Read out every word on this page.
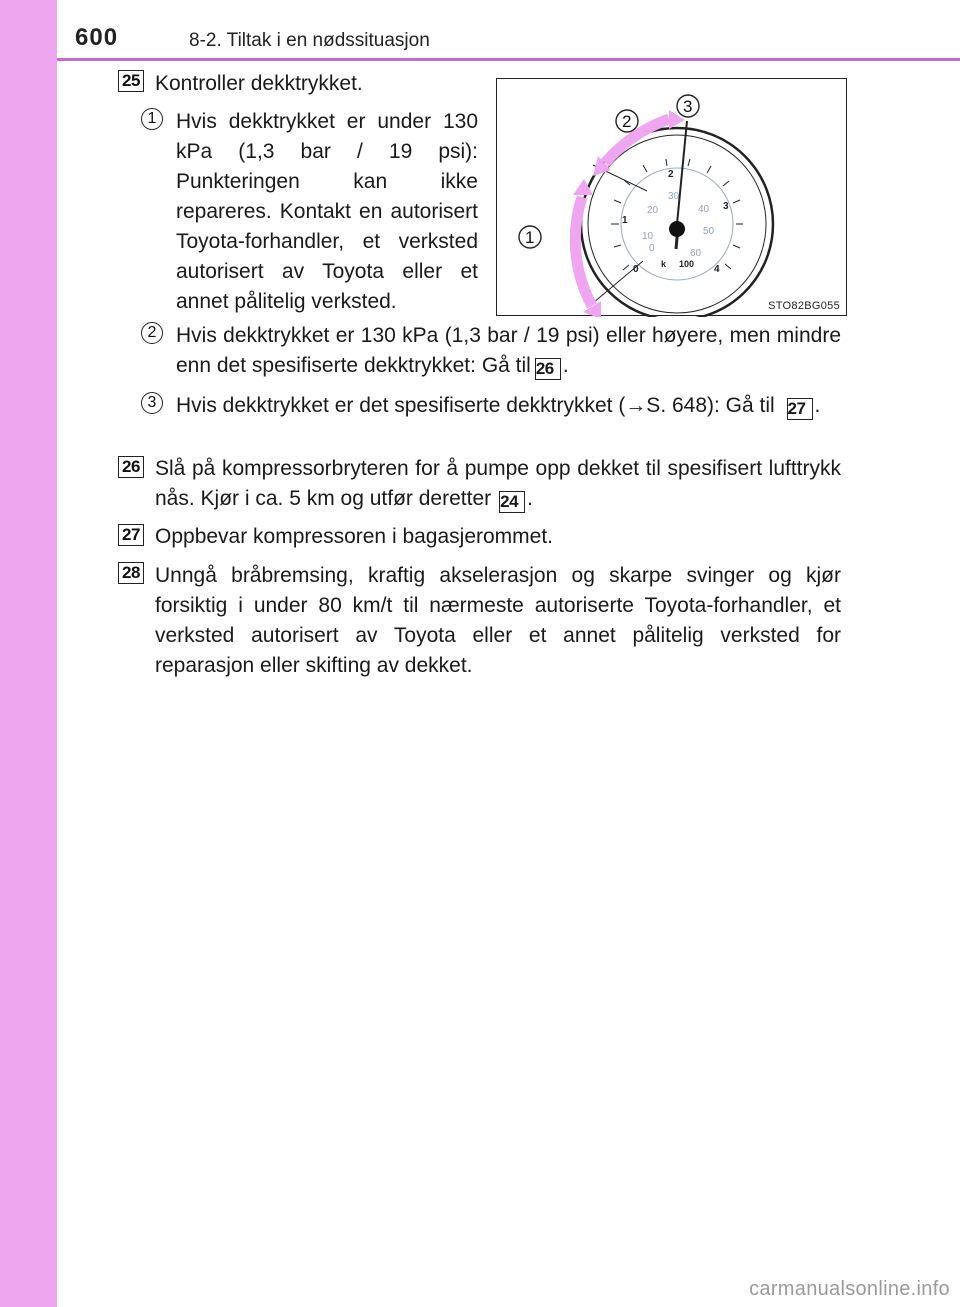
600	8-2. Tiltak i en nødssituasjon
25 Kontroller dekktrykket.
1 Hvis dekktrykket er under 130 kPa (1,3 bar / 19 psi): Punkteringen kan ikke repareres. Kontakt en autorisert Toyota-forhandler, et verksted autorisert av Toyota eller et annet pålitelig verksted.
0
1
2
3
4
0
10
20
30
40
50
60
k 100
1
2
3
STO82BG055
2 Hvis dekktrykket er 130 kPa (1,3 bar / 19 psi) eller høyere, men mindre enn det spesifiserte dekktrykket: Gå til 26 .
3 Hvis dekktrykket er det spesifiserte dekktrykket (→S. 648): Gå til 27 .
26 Slå på kompressorbryteren for å pumpe opp dekket til spesifisert lufttrykk nås. Kjør i ca. 5 km og utfør deretter 24 .
27 Oppbevar kompressoren i bagasjerommet.
28 Unngå bråbremsing, kraftig akselerasjon og skarpe svinger og kjør forsiktig i under 80 km/t til nærmeste autoriserte Toyota-forhandler, et verksted autorisert av Toyota eller et annet pålitelig verksted for reparasjon eller skifting av dekket.
carmanualsonline.info
